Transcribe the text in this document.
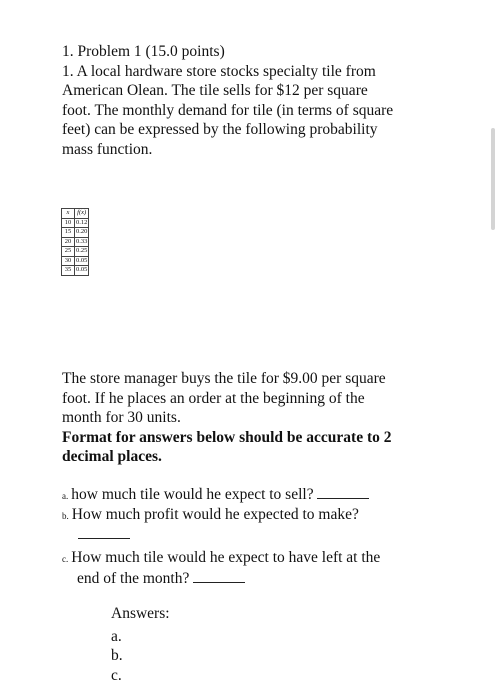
1. Problem 1 (15.0 points)
1. A local hardware store stocks specialty tile from
American Olean. The tile sells for $12 per square
foot. The monthly demand for tile (in terms of square
feet) can be expressed by the following probability
mass function.
x	f(x)
10	0.12
15	0.20
20	0.33
25	0.25
30	0.05
35	0.05
The store manager buys the tile for $9.00 per square
foot. If he places an order at the beginning of the
month for 30 units.
Format for answers below should be accurate to 2
decimal places.
a. how much tile would he expect to sell?
b. How much profit would he expected to make?
c. How much tile would he expect to have left at the
end of the month?
Answers:
a.
b.
c.
